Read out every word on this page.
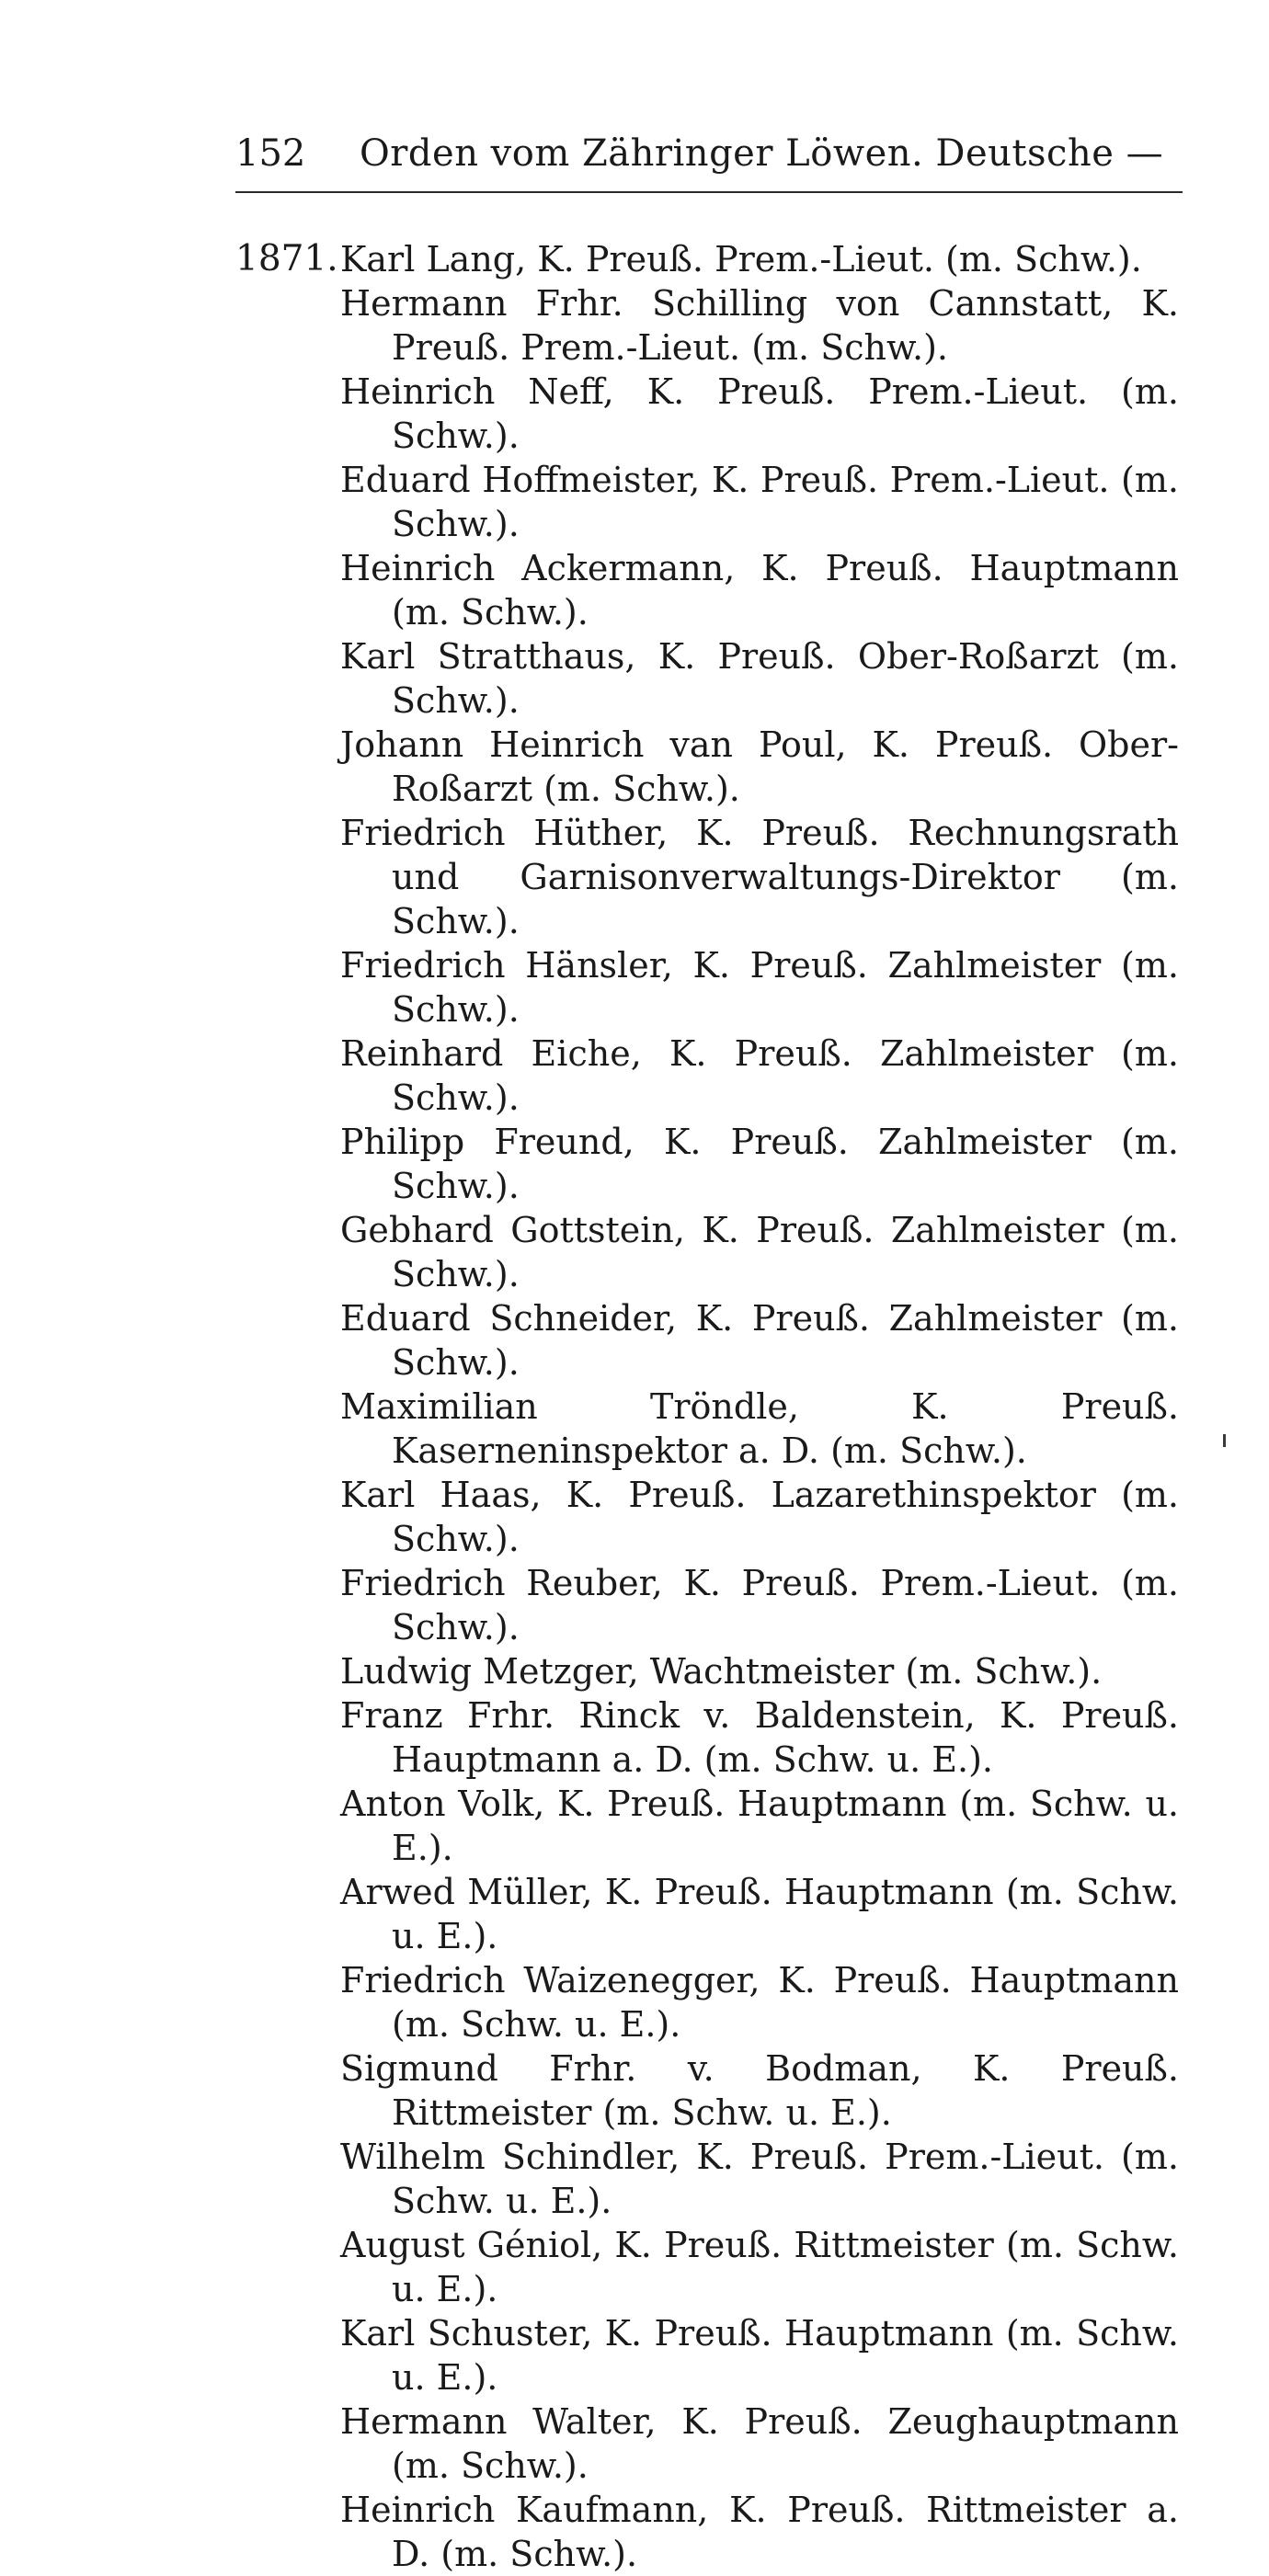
152 Orden vom Zähringer Löwen. Deutsche —
1871. Karl Lang, K. Preuß. Prem.-Lieut. (m. Schw.).
Hermann Frhr. Schilling von Cannstatt, K. Preuß. Prem.-Lieut. (m. Schw.).
Heinrich Neff, K. Preuß. Prem.-Lieut. (m. Schw.).
Eduard Hoffmeister, K. Preuß. Prem.-Lieut. (m. Schw.).
Heinrich Ackermann, K. Preuß. Hauptmann (m. Schw.).
Karl Stratthaus, K. Preuß. Ober-Roßarzt (m. Schw.).
Johann Heinrich van Poul, K. Preuß. Ober-Roßarzt (m. Schw.).
Friedrich Hüther, K. Preuß. Rechnungsrath und Garnisonverwaltungs-Direktor (m. Schw.).
Friedrich Hänsler, K. Preuß. Zahlmeister (m. Schw.).
Reinhard Eiche, K. Preuß. Zahlmeister (m. Schw.).
Philipp Freund, K. Preuß. Zahlmeister (m. Schw.).
Gebhard Gottstein, K. Preuß. Zahlmeister (m. Schw.).
Eduard Schneider, K. Preuß. Zahlmeister (m. Schw.).
Maximilian Tröndle, K. Preuß. Kaserneninspektor a. D. (m. Schw.).
Karl Haas, K. Preuß. Lazarethinspektor (m. Schw.).
Friedrich Reuber, K. Preuß. Prem.-Lieut. (m. Schw.).
Ludwig Metzger, Wachtmeister (m. Schw.).
Franz Frhr. Rinck v. Baldenstein, K. Preuß. Hauptmann a. D. (m. Schw. u. E.).
Anton Volk, K. Preuß. Hauptmann (m. Schw. u. E.).
Arwed Müller, K. Preuß. Hauptmann (m. Schw. u. E.).
Friedrich Waizenegger, K. Preuß. Hauptmann (m. Schw. u. E.).
Sigmund Frhr. v. Bodman, K. Preuß. Rittmeister (m. Schw. u. E.).
Wilhelm Schindler, K. Preuß. Prem.-Lieut. (m. Schw. u. E.).
August Géniol, K. Preuß. Rittmeister (m. Schw. u. E.).
Karl Schuster, K. Preuß. Hauptmann (m. Schw. u. E.).
Hermann Walter, K. Preuß. Zeughauptmann (m. Schw.).
Heinrich Kaufmann, K. Preuß. Rittmeister a. D. (m. Schw.).
